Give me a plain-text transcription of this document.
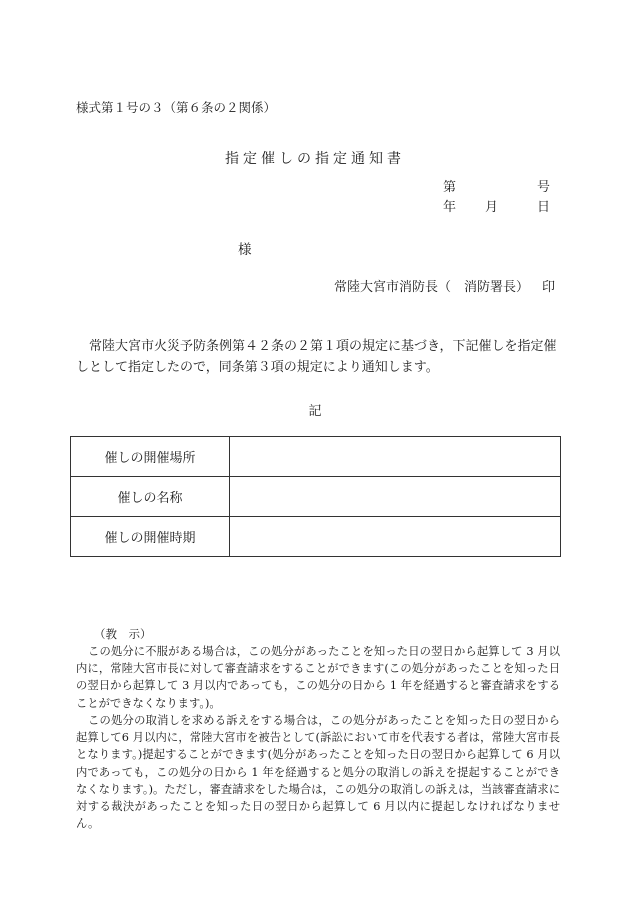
様式第１号の３（第６条の２関係）
指定催しの指定通知書
第	号
年 月	日
様
常陸大宮市消防長（　消防署長） 印
常陸大宮市火災予防条例第４２条の２第１項の規定に基づき，下記催しを指定催しとして指定したので，同条第３項の規定により通知します。
記
催しの開催場所	
催しの名称	
催しの開催時期	
（教　示）
この処分に不服がある場合は，この処分があったことを知った日の翌日から起算して 3 月以内に，常陸大宮市長に対して審査請求をすることができます(この処分があったことを知った日の翌日から起算して 3 月以内であっても，この処分の日から 1 年を経過すると審査請求をすることができなくなります。)。
この処分の取消しを求める訴えをする場合は，この処分があったことを知った日の翌日から起算して6 月以内に，常陸大宮市を被告として(訴訟において市を代表する者は，常陸大宮市長となります。)提起することができます(処分があったことを知った日の翌日から起算して 6 月以内であっても，この処分の日から 1 年を経過すると処分の取消しの訴えを提起することができなくなります。)。ただし，審査請求をした場合は，この処分の取消しの訴えは，当該審査請求に対する裁決があったことを知った日の翌日から起算して 6 月以内に提起しなければなりません。
